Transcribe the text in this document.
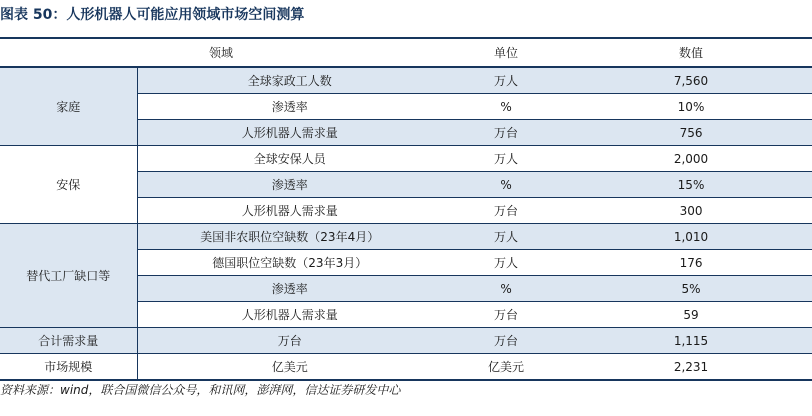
图表 50：人形机器人可能应用领域市场空间测算
领域		单位	数值
家庭	全球家政工人数	万人	7,560
	渗透率	%	10%
	人形机器人需求量	万台	756
安保	全球安保人员	万人	2,000
	渗透率	%	15%
	人形机器人需求量	万台	300
替代工厂缺口等	美国非农职位空缺数（23年4月）	万人	1,010
	德国职位空缺数（23年3月）	万人	176
	渗透率	%	5%
	人形机器人需求量	万台	59
合计需求量	万台	万台	1,115
市场规模	亿美元	亿美元	2,231
资料来源：wind，联合国微信公众号，和讯网，澎湃网，信达证券研发中心
